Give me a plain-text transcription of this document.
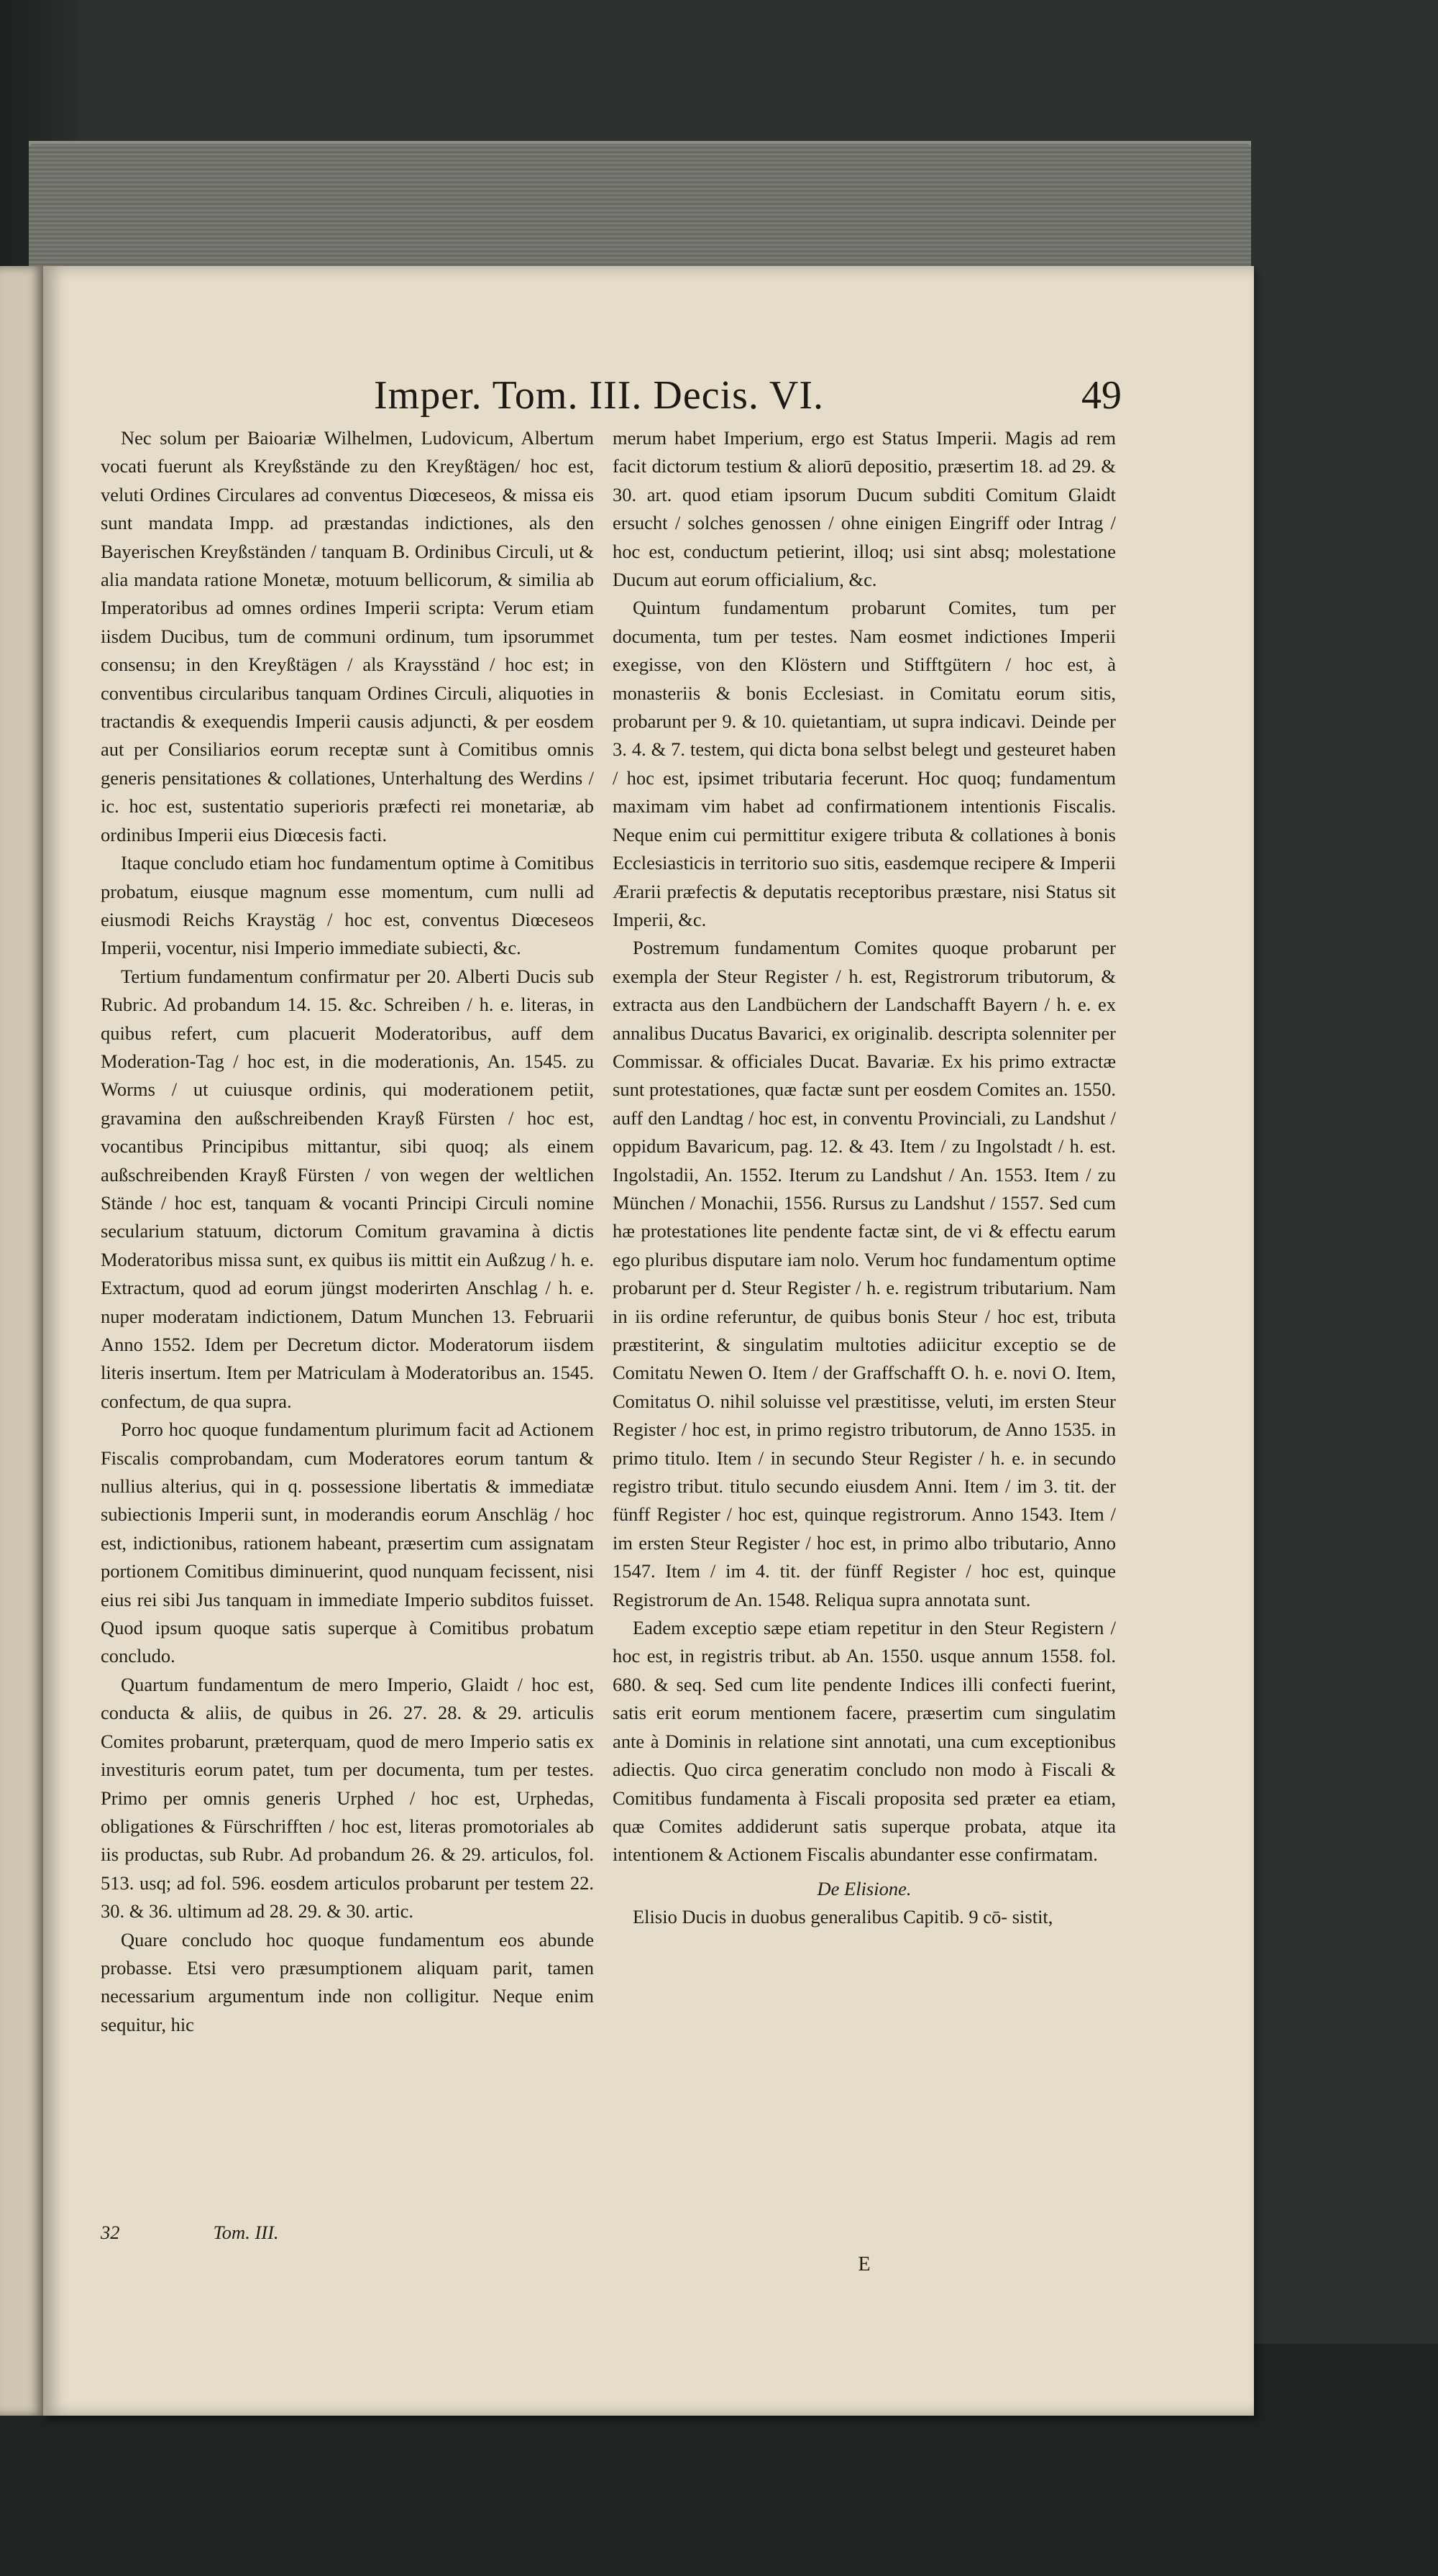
Imper. Tom. III. Decis. VI.	49

Nec solum per Baioariæ Wilhelmen, Ludovicum, Albertum vocati fuerunt als Kreyßstände zu den Kreyßtägen/ hoc est, veluti Ordines Circulares ad conventus Diœceseos, & missa eis sunt mandata Impp. ad præstandas indictiones, als den Bayerischen Kreyßständen / tanquam B. Ordinibus Circuli, ut & alia mandata ratione Monetæ, motuum bellicorum, & similia ab Imperatoribus ad omnes ordines Imperii scripta: Verum etiam iisdem Ducibus, tum de communi ordinum, tum ipsorummet consensu; in den Kreyßtägen / als Kraysständ / hoc est; in conventibus circularibus tanquam Ordines Circuli, aliquoties in tractandis & exequendis Imperii causis adjuncti, & per eosdem aut per Consiliarios eorum receptæ sunt à Comitibus omnis generis pensitationes & collationes, Unterhaltung des Werdins / ic. hoc est, sustentatio superioris præfecti rei monetariæ, ab ordinibus Imperii eius Diœcesis facti.

Itaque concludo etiam hoc fundamentum optime à Comitibus probatum, eiusque magnum esse momentum, cum nulli ad eiusmodi Reichs Kraystäg / hoc est, conventus Diœceseos Imperii, vocentur, nisi Imperio immediate subiecti, &c.

Tertium fundamentum confirmatur per 20. Alberti Ducis sub Rubric. Ad probandum 14. 15. &c. Schreiben / h. e. literas, in quibus refert, cum placuerit Moderatoribus, auff dem Moderation-Tag / hoc est, in die moderationis, An. 1545. zu Worms / ut cuiusque ordinis, qui moderationem petiit, gravamina den außschreibenden Krayß Fürsten / hoc est, vocantibus Principibus mittantur, sibi quoq; als einem außschreibenden Krayß Fürsten / von wegen der weltlichen Stände / hoc est, tanquam & vocanti Principi Circuli nomine secularium statuum, dictorum Comitum gravamina à dictis Moderatoribus missa sunt, ex quibus iis mittit ein Außzug / h. e. Extractum, quod ad eorum jüngst moderirten Anschlag / h. e. nuper moderatam indictionem, Datum Munchen 13. Februarii Anno 1552. Idem per Decretum dictor. Moderatorum iisdem literis insertum. Item per Matriculam à Moderatoribus an. 1545. confectum, de qua supra.

Porro hoc quoque fundamentum plurimum facit ad Actionem Fiscalis comprobandam, cum Moderatores eorum tantum & nullius alterius, qui in q. possessione libertatis & immediatæ subiectionis Imperii sunt, in moderandis eorum Anschläg / hoc est, indictionibus, rationem habeant, præsertim cum assignatam portionem Comitibus diminuerint, quod nunquam fecissent, nisi eius rei sibi Jus tanquam in immediate Imperio subditos fuisset. Quod ipsum quoque satis superque à Comitibus probatum concludo.

Quartum fundamentum de mero Imperio, Glaidt / hoc est, conducta & aliis, de quibus in 26. 27. 28. & 29. articulis Comites probarunt, præterquam, quod de mero Imperio satis ex investituris eorum patet, tum per documenta, tum per testes. Primo per omnis generis Urphed / hoc est, Urphedas, obligationes & Fürschrifften / hoc est, literas promotoriales ab iis productas, sub Rubr. Ad probandum 26. & 29. articulos, fol. 513. usq; ad fol. 596. eosdem articulos probarunt per testem 22. 30. & 36. ultimum ad 28. 29. & 30. artic.

Quare concludo hoc quoque fundamentum eos abunde probasse. Etsi vero præsumptionem aliquam parit, tamen necessarium argumentum inde non colligitur. Neque enim sequitur, hic

32	Tom. III.

merum habet Imperium, ergo est Status Imperii. Magis ad rem facit dictorum testium & aliorū depositio, præsertim 18. ad 29. & 30. art. quod etiam ipsorum Ducum subditi Comitum Glaidt ersucht / solches genossen / ohne einigen Eingriff oder Intrag / hoc est, conductum petierint, illoq; usi sint absq; molestatione Ducum aut eorum officialium, &c.

Quintum fundamentum probarunt Comites, tum per documenta, tum per testes. Nam eosmet indictiones Imperii exegisse, von den Klöstern und Stifftgütern / hoc est, à monasteriis & bonis Ecclesiast. in Comitatu eorum sitis, probarunt per 9. & 10. quietantiam, ut supra indicavi. Deinde per 3. 4. & 7. testem, qui dicta bona selbst belegt und gesteuret haben / hoc est, ipsimet tributaria fecerunt. Hoc quoq; fundamentum maximam vim habet ad confirmationem intentionis Fiscalis. Neque enim cui permittitur exigere tributa & collationes à bonis Ecclesiasticis in territorio suo sitis, easdemque recipere & Imperii Ærarii præfectis & deputatis receptoribus præstare, nisi Status sit Imperii, &c.

Postremum fundamentum Comites quoque probarunt per exempla der Steur Register / h. est, Registrorum tributorum, & extracta aus den Landbüchern der Landschafft Bayern / h. e. ex annalibus Ducatus Bavarici, ex originalib. descripta solenniter per Commissar. & officiales Ducat. Bavariæ. Ex his primo extractæ sunt protestationes, quæ factæ sunt per eosdem Comites an. 1550. auff den Landtag / hoc est, in conventu Provinciali, zu Landshut / oppidum Bavaricum, pag. 12. & 43. Item / zu Ingolstadt / h. est. Ingolstadii, An. 1552. Iterum zu Landshut / An. 1553. Item / zu München / Monachii, 1556. Rursus zu Landshut / 1557. Sed cum hæ protestationes lite pendente factæ sint, de vi & effectu earum ego pluribus disputare iam nolo. Verum hoc fundamentum optime probarunt per d. Steur Register / h. e. registrum tributarium. Nam in iis ordine referuntur, de quibus bonis Steur / hoc est, tributa præstiterint, & singulatim multoties adiicitur exceptio se de Comitatu Newen O. Item / der Graffschafft O. h. e. novi O. Item, Comitatus O. nihil soluisse vel præstitisse, veluti, im ersten Steur Register / hoc est, in primo registro tributorum, de Anno 1535. in primo titulo. Item / in secundo Steur Register / h. e. in secundo registro tribut. titulo secundo eiusdem Anni. Item / im 3. tit. der fünff Register / hoc est, quinque registrorum. Anno 1543. Item / im ersten Steur Register / hoc est, in primo albo tributario, Anno 1547. Item / im 4. tit. der fünff Register / hoc est, quinque Registrorum de An. 1548. Reliqua supra annotata sunt.

Eadem exceptio sæpe etiam repetitur in den Steur Registern / hoc est, in registris tribut. ab An. 1550. usque annum 1558. fol. 680. & seq. Sed cum lite pendente Indices illi confecti fuerint, satis erit eorum mentionem facere, præsertim cum singulatim ante à Dominis in relatione sint annotati, una cum exceptionibus adiectis. Quo circa generatim concludo non modo à Fiscali & Comitibus fundamenta à Fiscali proposita sed præter ea etiam, quæ Comites addiderunt satis superque probata, atque ita intentionem & Actionem Fiscalis abundanter esse confirmatam.

De Elisione.

Elisio Ducis in duobus generalibus Capitib. 9 cō- sistit,

E
